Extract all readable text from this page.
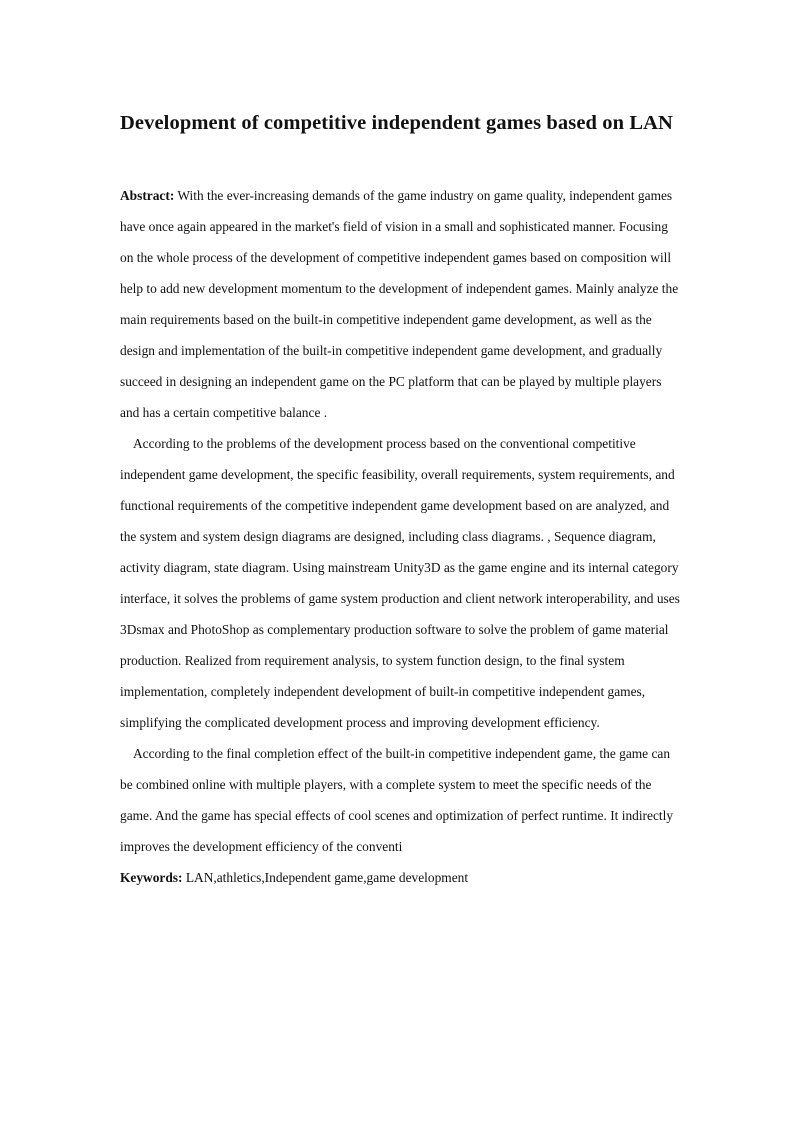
Development of competitive independent games based on LAN

Abstract: With the ever-increasing demands of the game industry on game quality, independent games have once again appeared in the market's field of vision in a small and sophisticated manner. Focusing on the whole process of the development of competitive independent games based on composition will help to add new development momentum to the development of independent games. Mainly analyze the main requirements based on the built-in competitive independent game development, as well as the design and implementation of the built-in competitive independent game development, and gradually succeed in designing an independent game on the PC platform that can be played by multiple players and has a certain competitive balance .

According to the problems of the development process based on the conventional competitive independent game development, the specific feasibility, overall requirements, system requirements, and functional requirements of the competitive independent game development based on are analyzed, and the system and system design diagrams are designed, including class diagrams. , Sequence diagram, activity diagram, state diagram. Using mainstream Unity3D as the game engine and its internal category interface, it solves the problems of game system production and client network interoperability, and uses 3Dsmax and PhotoShop as complementary production software to solve the problem of game material production. Realized from requirement analysis, to system function design, to the final system implementation, completely independent development of built-in competitive independent games, simplifying the complicated development process and improving development efficiency.

According to the final completion effect of the built-in competitive independent game, the game can be combined online with multiple players, with a complete system to meet the specific needs of the game. And the game has special effects of cool scenes and optimization of perfect runtime. It indirectly improves the development efficiency of the conventi

Keywords: LAN,athletics,Independent game,game development
